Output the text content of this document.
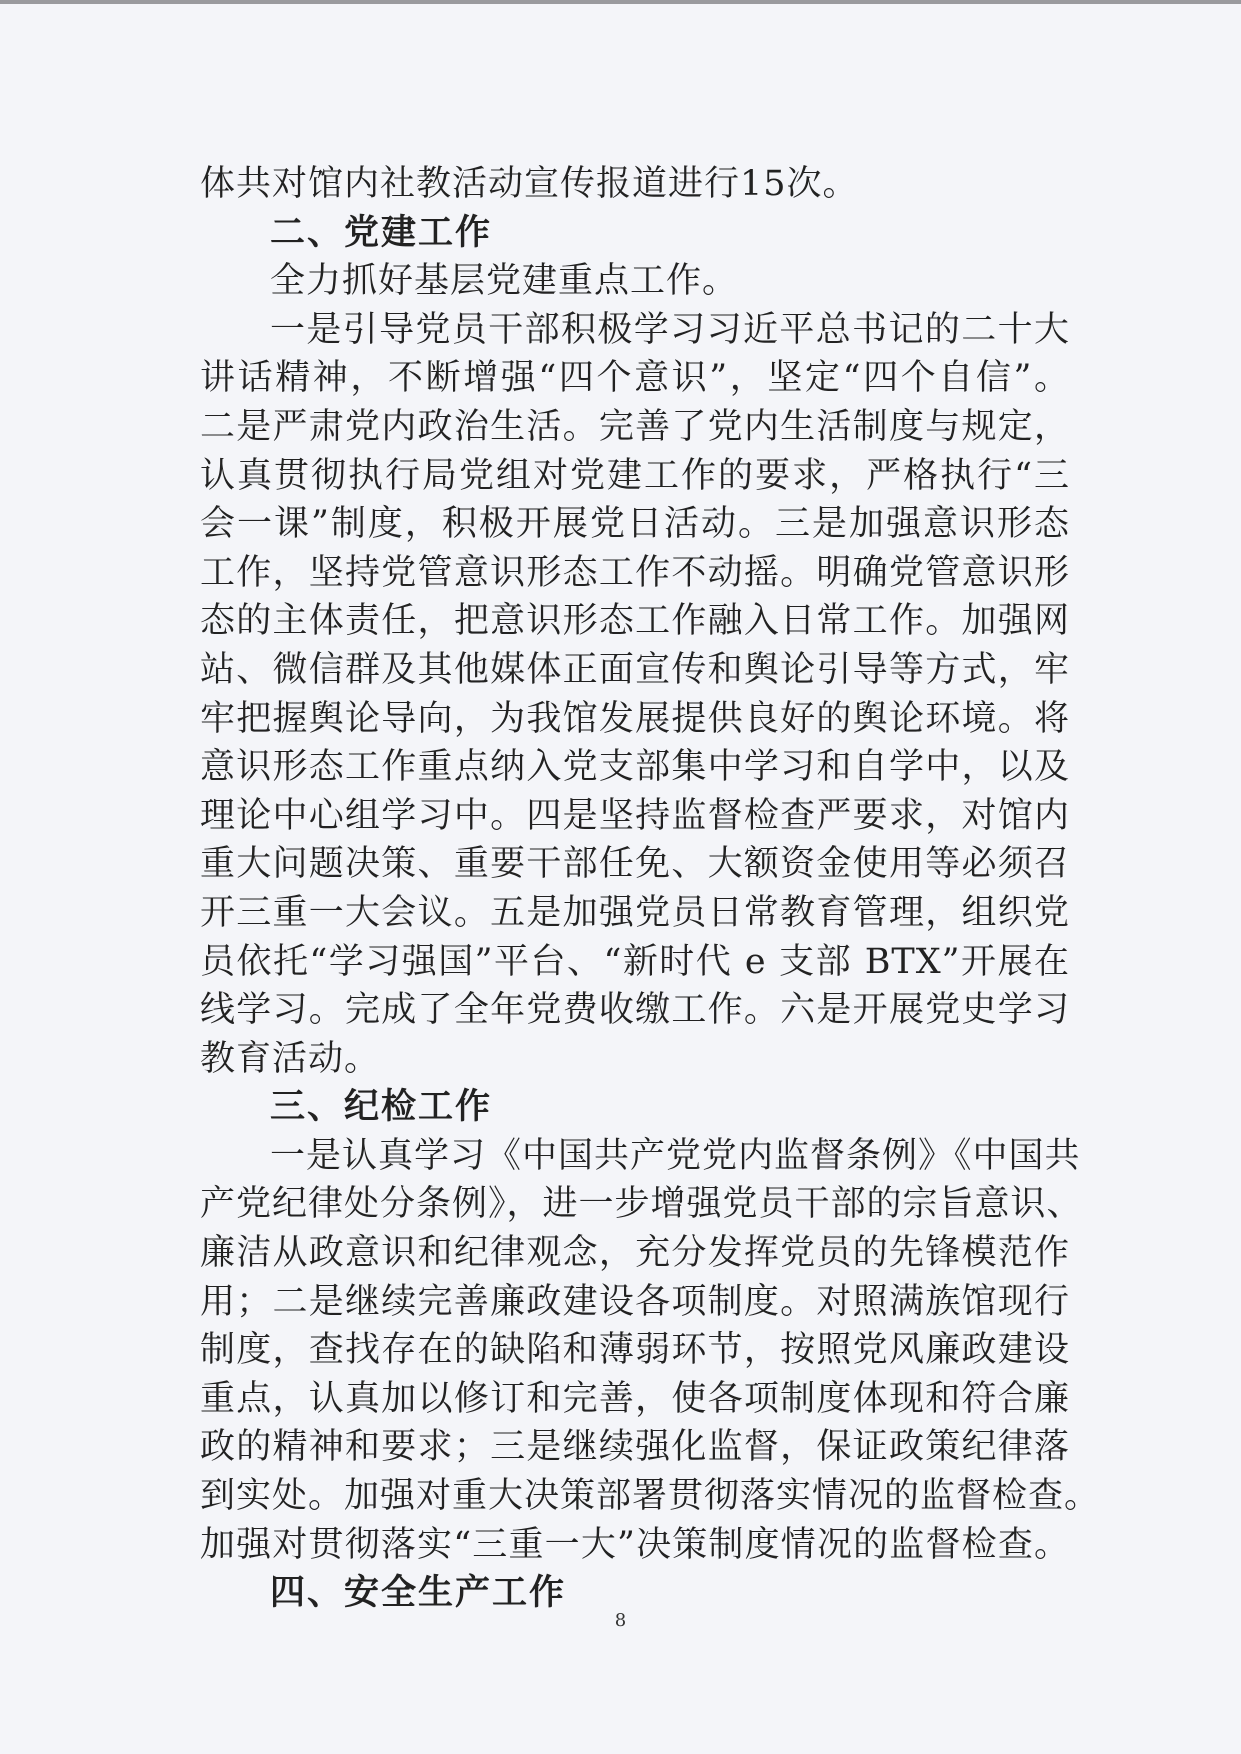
体共对馆内社教活动宣传报道进行15次。
二、党建工作
全力抓好基层党建重点工作。
一是引导党员干部积极学习习近平总书记的二十大
讲话精神，不断增强“四个意识”，坚定“四个自信”。
二是严肃党内政治生活。完善了党内生活制度与规定，
认真贯彻执行局党组对党建工作的要求，严格执行“三
会一课”制度，积极开展党日活动。三是加强意识形态
工作，坚持党管意识形态工作不动摇。明确党管意识形
态的主体责任，把意识形态工作融入日常工作。加强网
站、微信群及其他媒体正面宣传和舆论引导等方式，牢
牢把握舆论导向，为我馆发展提供良好的舆论环境。将
意识形态工作重点纳入党支部集中学习和自学中，以及
理论中心组学习中。四是坚持监督检查严要求，对馆内
重大问题决策、重要干部任免、大额资金使用等必须召
开三重一大会议。五是加强党员日常教育管理，组织党
员依托“学习强国”平台、“新时代 e 支部 BTX”开展在
线学习。完成了全年党费收缴工作。六是开展党史学习
教育活动。
三、纪检工作
一是认真学习《中国共产党党内监督条例》《中国共
产党纪律处分条例》，进一步增强党员干部的宗旨意识、
廉洁从政意识和纪律观念，充分发挥党员的先锋模范作
用；二是继续完善廉政建设各项制度。对照满族馆现行
制度，查找存在的缺陷和薄弱环节，按照党风廉政建设
重点，认真加以修订和完善，使各项制度体现和符合廉
政的精神和要求；三是继续强化监督，保证政策纪律落
到实处。加强对重大决策部署贯彻落实情况的监督检查。
加强对贯彻落实“三重一大”决策制度情况的监督检查。
四、安全生产工作
8
